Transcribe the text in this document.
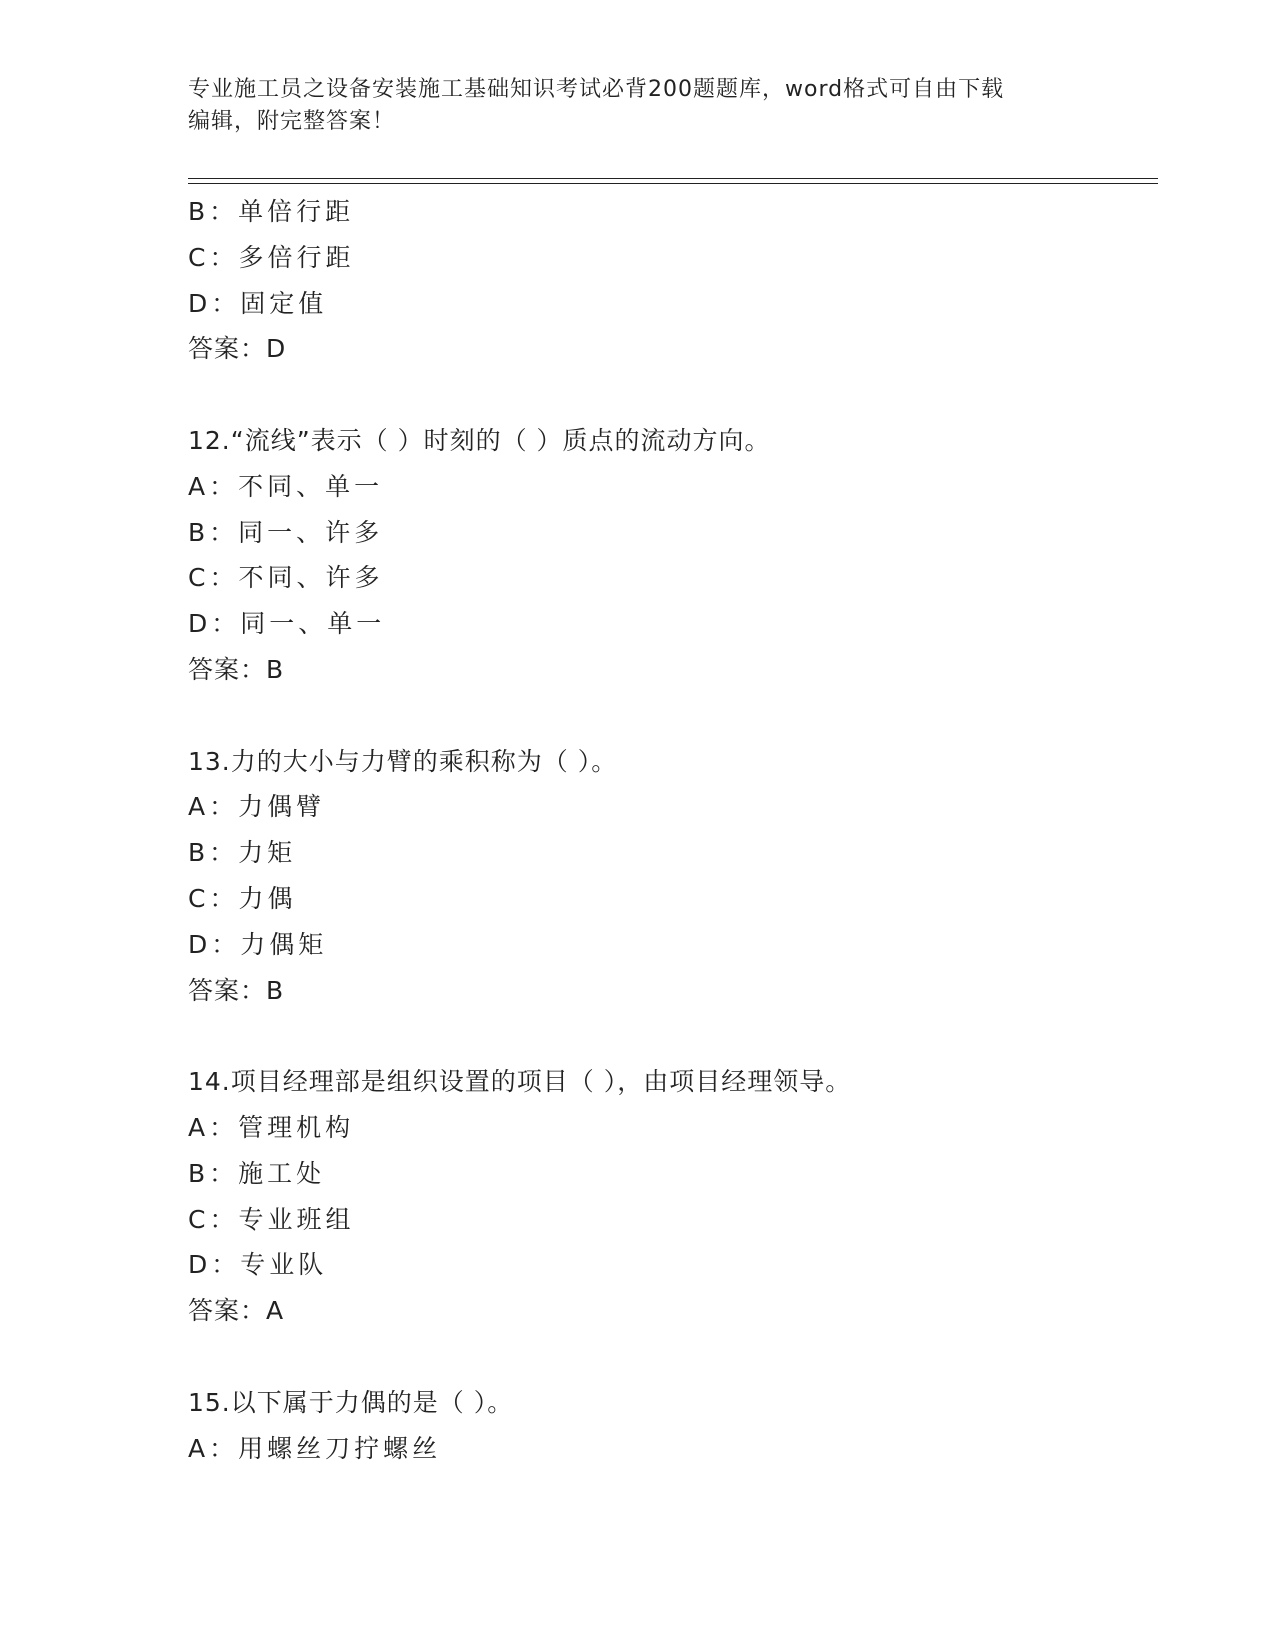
专业施工员之设备安装施工基础知识考试必背200题题库，word格式可自由下载
编辑，附完整答案！
B：单倍行距
C：多倍行距
D：固定值
答案：D
12.“流线”表示（ ）时刻的（ ）质点的流动方向。
A：不同、单一
B：同一、许多
C：不同、许多
D：同一、单一
答案：B
13.力的大小与力臂的乘积称为（ ）。
A：力偶臂
B：力矩
C：力偶
D：力偶矩
答案：B
14.项目经理部是组织设置的项目（ ），由项目经理领导。
A：管理机构
B：施工处
C：专业班组
D：专业队
答案：A
15.以下属于力偶的是（ ）。
A：用螺丝刀拧螺丝
